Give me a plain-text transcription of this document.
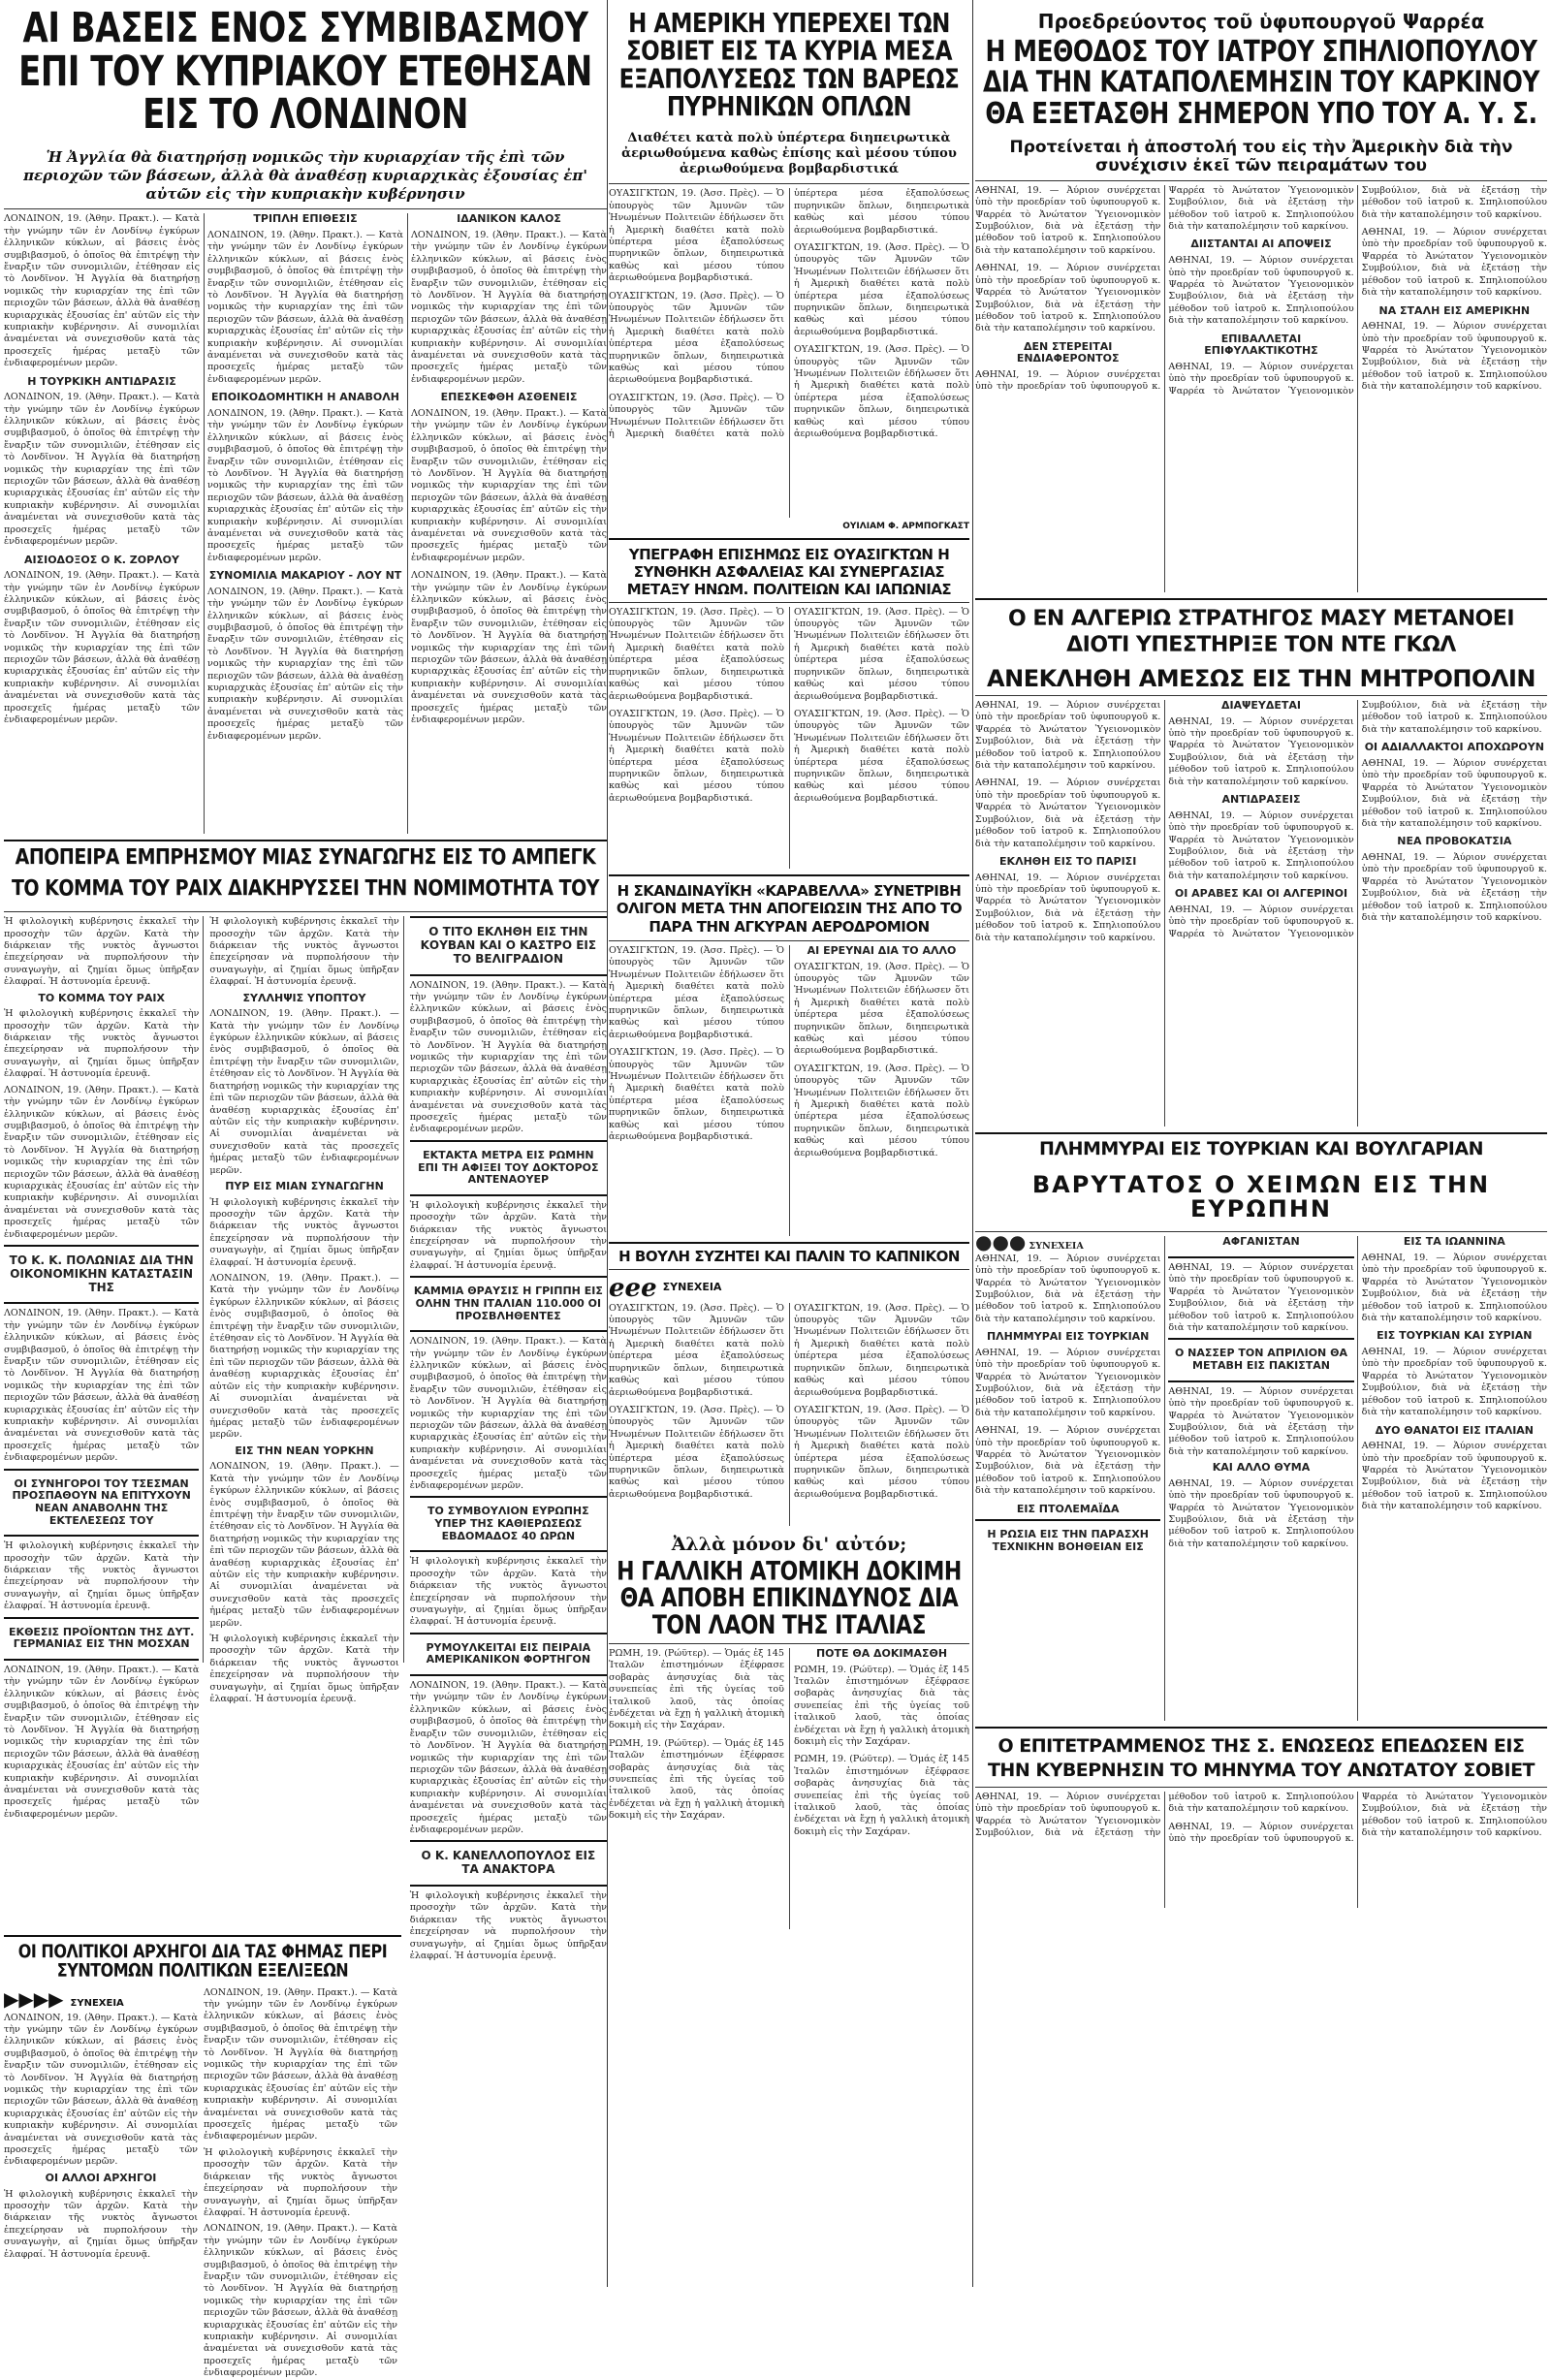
ΑΙ ΒΑΣΕΙΣ ΕΝΟΣ ΣΥΜΒΙΒΑΣΜΟΥ ΕΠΙ ΤΟΥ ΚΥΠΡΙΑΚΟΥ ΕΤΕΘΗΣΑΝ ΕΙΣ ΤΟ ΛΟΝΔΙΝΟΝ
Ἡ Ἀγγλία θὰ διατηρήσῃ νομικῶς τὴν κυριαρχίαν τῆς ἐπὶ τῶν περιοχῶν τῶν βάσεων, ἀλλὰ θὰ ἀναθέσῃ κυριαρχικὰς ἐξουσίας ἐπ' αὐτῶν εἰς τὴν κυπριακὴν κυβέρνησιν

ΛΟΝΔΙΝΟΝ, 19. (Ἀθην. Πρακτ.). — Κατὰ τὴν γνώμην τῶν ἐν Λονδίνῳ ἐγκύρων ἑλληνικῶν κύκλων, αἱ βάσεις ἑνὸς συμβιβασμοῦ, ὁ ὁποῖος θὰ ἐπιτρέψῃ τὴν ἔναρξιν τῶν συνομιλιῶν, ἐτέθησαν εἰς τὸ Λονδῖνον. Ἡ Ἀγγλία θὰ διατηρήσῃ νομικῶς τὴν κυριαρχίαν της ἐπὶ τῶν περιοχῶν τῶν βάσεων, ἀλλὰ θὰ ἀναθέσῃ κυριαρχικὰς ἐξουσίας ἐπ' αὐτῶν εἰς τὴν κυπριακὴν κυβέρνησιν. Αἱ συνομιλίαι ἀναμένεται νὰ συνεχισθοῦν κατὰ τὰς προσεχεῖς ἡμέρας μεταξὺ τῶν ἐνδιαφερομένων μερῶν.

Η ΤΟΥΡΚΙΚΗ ΑΝΤΙΔΡΑΣΙΣ

ΛΟΝΔΙΝΟΝ, 19. (Ἀθην. Πρακτ.). — Κατὰ τὴν γνώμην τῶν ἐν Λονδίνῳ ἐγκύρων ἑλληνικῶν κύκλων, αἱ βάσεις ἑνὸς συμβιβασμοῦ, ὁ ὁποῖος θὰ ἐπιτρέψῃ τὴν ἔναρξιν τῶν συνομιλιῶν, ἐτέθησαν εἰς τὸ Λονδῖνον. Ἡ Ἀγγλία θὰ διατηρήσῃ νομικῶς τὴν κυριαρχίαν της ἐπὶ τῶν περιοχῶν τῶν βάσεων, ἀλλὰ θὰ ἀναθέσῃ κυριαρχικὰς ἐξουσίας ἐπ' αὐτῶν εἰς τὴν κυπριακὴν κυβέρνησιν. Αἱ συνομιλίαι ἀναμένεται νὰ συνεχισθοῦν κατὰ τὰς προσεχεῖς ἡμέρας μεταξὺ τῶν ἐνδιαφερομένων μερῶν.

ΑΙΣΙΟΔΟΞΟΣ Ο Κ. ΖΟΡΛΟΥ

ΛΟΝΔΙΝΟΝ, 19. (Ἀθην. Πρακτ.). — Κατὰ τὴν γνώμην τῶν ἐν Λονδίνῳ ἐγκύρων ἑλληνικῶν κύκλων, αἱ βάσεις ἑνὸς συμβιβασμοῦ, ὁ ὁποῖος θὰ ἐπιτρέψῃ τὴν ἔναρξιν τῶν συνομιλιῶν, ἐτέθησαν εἰς τὸ Λονδῖνον. Ἡ Ἀγγλία θὰ διατηρήσῃ νομικῶς τὴν κυριαρχίαν της ἐπὶ τῶν περιοχῶν τῶν βάσεων, ἀλλὰ θὰ ἀναθέσῃ κυριαρχικὰς ἐξουσίας ἐπ' αὐτῶν εἰς τὴν κυπριακὴν κυβέρνησιν. Αἱ συνομιλίαι ἀναμένεται νὰ συνεχισθοῦν κατὰ τὰς προσεχεῖς ἡμέρας μεταξὺ τῶν ἐνδιαφερομένων μερῶν.

ΤΡΙΠΛΗ ΕΠΙΘΕΣΙΣ

ΛΟΝΔΙΝΟΝ, 19. (Ἀθην. Πρακτ.). — Κατὰ τὴν γνώμην τῶν ἐν Λονδίνῳ ἐγκύρων ἑλληνικῶν κύκλων, αἱ βάσεις ἑνὸς συμβιβασμοῦ, ὁ ὁποῖος θὰ ἐπιτρέψῃ τὴν ἔναρξιν τῶν συνομιλιῶν, ἐτέθησαν εἰς τὸ Λονδῖνον. Ἡ Ἀγγλία θὰ διατηρήσῃ νομικῶς τὴν κυριαρχίαν της ἐπὶ τῶν περιοχῶν τῶν βάσεων, ἀλλὰ θὰ ἀναθέσῃ κυριαρχικὰς ἐξουσίας ἐπ' αὐτῶν εἰς τὴν κυπριακὴν κυβέρνησιν. Αἱ συνομιλίαι ἀναμένεται νὰ συνεχισθοῦν κατὰ τὰς προσεχεῖς ἡμέρας μεταξὺ τῶν ἐνδιαφερομένων μερῶν.

ΕΠΟΙΚΟΔΟΜΗΤΙΚΗ Η ΑΝΑΒΟΛΗ

ΛΟΝΔΙΝΟΝ, 19. (Ἀθην. Πρακτ.). — Κατὰ τὴν γνώμην τῶν ἐν Λονδίνῳ ἐγκύρων ἑλληνικῶν κύκλων, αἱ βάσεις ἑνὸς συμβιβασμοῦ, ὁ ὁποῖος θὰ ἐπιτρέψῃ τὴν ἔναρξιν τῶν συνομιλιῶν, ἐτέθησαν εἰς τὸ Λονδῖνον. Ἡ Ἀγγλία θὰ διατηρήσῃ νομικῶς τὴν κυριαρχίαν της ἐπὶ τῶν περιοχῶν τῶν βάσεων, ἀλλὰ θὰ ἀναθέσῃ κυριαρχικὰς ἐξουσίας ἐπ' αὐτῶν εἰς τὴν κυπριακὴν κυβέρνησιν. Αἱ συνομιλίαι ἀναμένεται νὰ συνεχισθοῦν κατὰ τὰς προσεχεῖς ἡμέρας μεταξὺ τῶν ἐνδιαφερομένων μερῶν.

ΣΥΝΟΜΙΛΙΑ ΜΑΚΑΡΙΟΥ - ΛΟΥ ΝΤ

ΛΟΝΔΙΝΟΝ, 19. (Ἀθην. Πρακτ.). — Κατὰ τὴν γνώμην τῶν ἐν Λονδίνῳ ἐγκύρων ἑλληνικῶν κύκλων, αἱ βάσεις ἑνὸς συμβιβασμοῦ, ὁ ὁποῖος θὰ ἐπιτρέψῃ τὴν ἔναρξιν τῶν συνομιλιῶν, ἐτέθησαν εἰς τὸ Λονδῖνον. Ἡ Ἀγγλία θὰ διατηρήσῃ νομικῶς τὴν κυριαρχίαν της ἐπὶ τῶν περιοχῶν τῶν βάσεων, ἀλλὰ θὰ ἀναθέσῃ κυριαρχικὰς ἐξουσίας ἐπ' αὐτῶν εἰς τὴν κυπριακὴν κυβέρνησιν. Αἱ συνομιλίαι ἀναμένεται νὰ συνεχισθοῦν κατὰ τὰς προσεχεῖς ἡμέρας μεταξὺ τῶν ἐνδιαφερομένων μερῶν.

ΙΔΑΝΙΚΟΝ ΚΑΛΟΣ

ΛΟΝΔΙΝΟΝ, 19. (Ἀθην. Πρακτ.). — Κατὰ τὴν γνώμην τῶν ἐν Λονδίνῳ ἐγκύρων ἑλληνικῶν κύκλων, αἱ βάσεις ἑνὸς συμβιβασμοῦ, ὁ ὁποῖος θὰ ἐπιτρέψῃ τὴν ἔναρξιν τῶν συνομιλιῶν, ἐτέθησαν εἰς τὸ Λονδῖνον. Ἡ Ἀγγλία θὰ διατηρήσῃ νομικῶς τὴν κυριαρχίαν της ἐπὶ τῶν περιοχῶν τῶν βάσεων, ἀλλὰ θὰ ἀναθέσῃ κυριαρχικὰς ἐξουσίας ἐπ' αὐτῶν εἰς τὴν κυπριακὴν κυβέρνησιν. Αἱ συνομιλίαι ἀναμένεται νὰ συνεχισθοῦν κατὰ τὰς προσεχεῖς ἡμέρας μεταξὺ τῶν ἐνδιαφερομένων μερῶν.

ΕΠΕΣΚΕΦΘΗ ΑΣΘΕΝΕΙΣ

ΛΟΝΔΙΝΟΝ, 19. (Ἀθην. Πρακτ.). — Κατὰ τὴν γνώμην τῶν ἐν Λονδίνῳ ἐγκύρων ἑλληνικῶν κύκλων, αἱ βάσεις ἑνὸς συμβιβασμοῦ, ὁ ὁποῖος θὰ ἐπιτρέψῃ τὴν ἔναρξιν τῶν συνομιλιῶν, ἐτέθησαν εἰς τὸ Λονδῖνον. Ἡ Ἀγγλία θὰ διατηρήσῃ νομικῶς τὴν κυριαρχίαν της ἐπὶ τῶν περιοχῶν τῶν βάσεων, ἀλλὰ θὰ ἀναθέσῃ κυριαρχικὰς ἐξουσίας ἐπ' αὐτῶν εἰς τὴν κυπριακὴν κυβέρνησιν. Αἱ συνομιλίαι ἀναμένεται νὰ συνεχισθοῦν κατὰ τὰς προσεχεῖς ἡμέρας μεταξὺ τῶν ἐνδιαφερομένων μερῶν.

ΛΟΝΔΙΝΟΝ, 19. (Ἀθην. Πρακτ.). — Κατὰ τὴν γνώμην τῶν ἐν Λονδίνῳ ἐγκύρων ἑλληνικῶν κύκλων, αἱ βάσεις ἑνὸς συμβιβασμοῦ, ὁ ὁποῖος θὰ ἐπιτρέψῃ τὴν ἔναρξιν τῶν συνομιλιῶν, ἐτέθησαν εἰς τὸ Λονδῖνον. Ἡ Ἀγγλία θὰ διατηρήσῃ νομικῶς τὴν κυριαρχίαν της ἐπὶ τῶν περιοχῶν τῶν βάσεων, ἀλλὰ θὰ ἀναθέσῃ κυριαρχικὰς ἐξουσίας ἐπ' αὐτῶν εἰς τὴν κυπριακὴν κυβέρνησιν. Αἱ συνομιλίαι ἀναμένεται νὰ συνεχισθοῦν κατὰ τὰς προσεχεῖς ἡμέρας μεταξὺ τῶν ἐνδιαφερομένων μερῶν.

ΑΠΟΠΕΙΡΑ ΕΜΠΡΗΣΜΟΥ ΜΙΑΣ ΣΥΝΑΓΩΓΗΣ ΕΙΣ ΤΟ ΑΜΠΕΓΚ
ΤΟ ΚΟΜΜΑ ΤΟΥ ΡΑΙΧ ΔΙΑΚΗΡΥΣΣΕΙ ΤΗΝ ΝΟΜΙΜΟΤΗΤΑ ΤΟΥ

Ἡ φιλολογικὴ κυβέρνησις ἐκκαλεῖ τὴν προσοχὴν τῶν ἀρχῶν. Κατὰ τὴν διάρκειαν τῆς νυκτὸς ἄγνωστοι ἐπεχείρησαν νὰ πυρπολήσουν τὴν συναγωγὴν, αἱ ζημίαι ὅμως ὑπῆρξαν ἐλαφραί. Ἡ ἀστυνομία ἐρευνᾷ.

ΤΟ ΚΟΜΜΑ ΤΟΥ ΡΑΙΧ

Ἡ φιλολογικὴ κυβέρνησις ἐκκαλεῖ τὴν προσοχὴν τῶν ἀρχῶν. Κατὰ τὴν διάρκειαν τῆς νυκτὸς ἄγνωστοι ἐπεχείρησαν νὰ πυρπολήσουν τὴν συναγωγὴν, αἱ ζημίαι ὅμως ὑπῆρξαν ἐλαφραί. Ἡ ἀστυνομία ἐρευνᾷ.

ΛΟΝΔΙΝΟΝ, 19. (Ἀθην. Πρακτ.). — Κατὰ τὴν γνώμην τῶν ἐν Λονδίνῳ ἐγκύρων ἑλληνικῶν κύκλων, αἱ βάσεις ἑνὸς συμβιβασμοῦ, ὁ ὁποῖος θὰ ἐπιτρέψῃ τὴν ἔναρξιν τῶν συνομιλιῶν, ἐτέθησαν εἰς τὸ Λονδῖνον. Ἡ Ἀγγλία θὰ διατηρήσῃ νομικῶς τὴν κυριαρχίαν της ἐπὶ τῶν περιοχῶν τῶν βάσεων, ἀλλὰ θὰ ἀναθέσῃ κυριαρχικὰς ἐξουσίας ἐπ' αὐτῶν εἰς τὴν κυπριακὴν κυβέρνησιν. Αἱ συνομιλίαι ἀναμένεται νὰ συνεχισθοῦν κατὰ τὰς προσεχεῖς ἡμέρας μεταξὺ τῶν ἐνδιαφερομένων μερῶν.

ΤΟ Κ. Κ. ΠΟΛΩΝΙΑΣ ΔΙΑ ΤΗΝ ΟΙΚΟΝΟΜΙΚΗΝ ΚΑΤΑΣΤΑΣΙΝ ΤΗΣ

ΛΟΝΔΙΝΟΝ, 19. (Ἀθην. Πρακτ.). — Κατὰ τὴν γνώμην τῶν ἐν Λονδίνῳ ἐγκύρων ἑλληνικῶν κύκλων, αἱ βάσεις ἑνὸς συμβιβασμοῦ, ὁ ὁποῖος θὰ ἐπιτρέψῃ τὴν ἔναρξιν τῶν συνομιλιῶν, ἐτέθησαν εἰς τὸ Λονδῖνον. Ἡ Ἀγγλία θὰ διατηρήσῃ νομικῶς τὴν κυριαρχίαν της ἐπὶ τῶν περιοχῶν τῶν βάσεων, ἀλλὰ θὰ ἀναθέσῃ κυριαρχικὰς ἐξουσίας ἐπ' αὐτῶν εἰς τὴν κυπριακὴν κυβέρνησιν. Αἱ συνομιλίαι ἀναμένεται νὰ συνεχισθοῦν κατὰ τὰς προσεχεῖς ἡμέρας μεταξὺ τῶν ἐνδιαφερομένων μερῶν.

ΟΙ ΣΥΝΗΓΟΡΟΙ ΤΟΥ ΤΣΕΣΜΑΝ ΠΡΟΣΠΑΘΟΥΝ ΝΑ ΕΠΙΤΥΧΟΥΝ ΝΕΑΝ ΑΝΑΒΟΛΗΝ ΤΗΣ ΕΚΤΕΛΕΣΕΩΣ ΤΟΥ

Ἡ φιλολογικὴ κυβέρνησις ἐκκαλεῖ τὴν προσοχὴν τῶν ἀρχῶν. Κατὰ τὴν διάρκειαν τῆς νυκτὸς ἄγνωστοι ἐπεχείρησαν νὰ πυρπολήσουν τὴν συναγωγὴν, αἱ ζημίαι ὅμως ὑπῆρξαν ἐλαφραί. Ἡ ἀστυνομία ἐρευνᾷ.

ΕΚΘΕΣΙΣ ΠΡΟΪΟΝΤΩΝ ΤΗΣ ΔΥΤ. ΓΕΡΜΑΝΙΑΣ ΕΙΣ ΤΗΝ ΜΟΣΧΑΝ

ΛΟΝΔΙΝΟΝ, 19. (Ἀθην. Πρακτ.). — Κατὰ τὴν γνώμην τῶν ἐν Λονδίνῳ ἐγκύρων ἑλληνικῶν κύκλων, αἱ βάσεις ἑνὸς συμβιβασμοῦ, ὁ ὁποῖος θὰ ἐπιτρέψῃ τὴν ἔναρξιν τῶν συνομιλιῶν, ἐτέθησαν εἰς τὸ Λονδῖνον. Ἡ Ἀγγλία θὰ διατηρήσῃ νομικῶς τὴν κυριαρχίαν της ἐπὶ τῶν περιοχῶν τῶν βάσεων, ἀλλὰ θὰ ἀναθέσῃ κυριαρχικὰς ἐξουσίας ἐπ' αὐτῶν εἰς τὴν κυπριακὴν κυβέρνησιν. Αἱ συνομιλίαι ἀναμένεται νὰ συνεχισθοῦν κατὰ τὰς προσεχεῖς ἡμέρας μεταξὺ τῶν ἐνδιαφερομένων μερῶν.

Ἡ φιλολογικὴ κυβέρνησις ἐκκαλεῖ τὴν προσοχὴν τῶν ἀρχῶν. Κατὰ τὴν διάρκειαν τῆς νυκτὸς ἄγνωστοι ἐπεχείρησαν νὰ πυρπολήσουν τὴν συναγωγὴν, αἱ ζημίαι ὅμως ὑπῆρξαν ἐλαφραί. Ἡ ἀστυνομία ἐρευνᾷ.

ΣΥΛΛΗΨΙΣ ΥΠΟΠΤΟΥ

ΛΟΝΔΙΝΟΝ, 19. (Ἀθην. Πρακτ.). — Κατὰ τὴν γνώμην τῶν ἐν Λονδίνῳ ἐγκύρων ἑλληνικῶν κύκλων, αἱ βάσεις ἑνὸς συμβιβασμοῦ, ὁ ὁποῖος θὰ ἐπιτρέψῃ τὴν ἔναρξιν τῶν συνομιλιῶν, ἐτέθησαν εἰς τὸ Λονδῖνον. Ἡ Ἀγγλία θὰ διατηρήσῃ νομικῶς τὴν κυριαρχίαν της ἐπὶ τῶν περιοχῶν τῶν βάσεων, ἀλλὰ θὰ ἀναθέσῃ κυριαρχικὰς ἐξουσίας ἐπ' αὐτῶν εἰς τὴν κυπριακὴν κυβέρνησιν. Αἱ συνομιλίαι ἀναμένεται νὰ συνεχισθοῦν κατὰ τὰς προσεχεῖς ἡμέρας μεταξὺ τῶν ἐνδιαφερομένων μερῶν.

ΠΥΡ ΕΙΣ ΜΙΑΝ ΣΥΝΑΓΩΓΗΝ

Ἡ φιλολογικὴ κυβέρνησις ἐκκαλεῖ τὴν προσοχὴν τῶν ἀρχῶν. Κατὰ τὴν διάρκειαν τῆς νυκτὸς ἄγνωστοι ἐπεχείρησαν νὰ πυρπολήσουν τὴν συναγωγὴν, αἱ ζημίαι ὅμως ὑπῆρξαν ἐλαφραί. Ἡ ἀστυνομία ἐρευνᾷ.

ΛΟΝΔΙΝΟΝ, 19. (Ἀθην. Πρακτ.). — Κατὰ τὴν γνώμην τῶν ἐν Λονδίνῳ ἐγκύρων ἑλληνικῶν κύκλων, αἱ βάσεις ἑνὸς συμβιβασμοῦ, ὁ ὁποῖος θὰ ἐπιτρέψῃ τὴν ἔναρξιν τῶν συνομιλιῶν, ἐτέθησαν εἰς τὸ Λονδῖνον. Ἡ Ἀγγλία θὰ διατηρήσῃ νομικῶς τὴν κυριαρχίαν της ἐπὶ τῶν περιοχῶν τῶν βάσεων, ἀλλὰ θὰ ἀναθέσῃ κυριαρχικὰς ἐξουσίας ἐπ' αὐτῶν εἰς τὴν κυπριακὴν κυβέρνησιν. Αἱ συνομιλίαι ἀναμένεται νὰ συνεχισθοῦν κατὰ τὰς προσεχεῖς ἡμέρας μεταξὺ τῶν ἐνδιαφερομένων μερῶν.

ΕΙΣ ΤΗΝ ΝΕΑΝ ΥΟΡΚΗΝ

ΛΟΝΔΙΝΟΝ, 19. (Ἀθην. Πρακτ.). — Κατὰ τὴν γνώμην τῶν ἐν Λονδίνῳ ἐγκύρων ἑλληνικῶν κύκλων, αἱ βάσεις ἑνὸς συμβιβασμοῦ, ὁ ὁποῖος θὰ ἐπιτρέψῃ τὴν ἔναρξιν τῶν συνομιλιῶν, ἐτέθησαν εἰς τὸ Λονδῖνον. Ἡ Ἀγγλία θὰ διατηρήσῃ νομικῶς τὴν κυριαρχίαν της ἐπὶ τῶν περιοχῶν τῶν βάσεων, ἀλλὰ θὰ ἀναθέσῃ κυριαρχικὰς ἐξουσίας ἐπ' αὐτῶν εἰς τὴν κυπριακὴν κυβέρνησιν. Αἱ συνομιλίαι ἀναμένεται νὰ συνεχισθοῦν κατὰ τὰς προσεχεῖς ἡμέρας μεταξὺ τῶν ἐνδιαφερομένων μερῶν.

Ἡ φιλολογικὴ κυβέρνησις ἐκκαλεῖ τὴν προσοχὴν τῶν ἀρχῶν. Κατὰ τὴν διάρκειαν τῆς νυκτὸς ἄγνωστοι ἐπεχείρησαν νὰ πυρπολήσουν τὴν συναγωγὴν, αἱ ζημίαι ὅμως ὑπῆρξαν ἐλαφραί. Ἡ ἀστυνομία ἐρευνᾷ.

Ο ΤΙΤΟ ΕΚΛΗΘΗ ΕΙΣ ΤΗΝ ΚΟΥΒΑΝ ΚΑΙ Ο ΚΑΣΤΡΟ ΕΙΣ ΤΟ ΒΕΛΙΓΡΑΔΙΟΝ

ΛΟΝΔΙΝΟΝ, 19. (Ἀθην. Πρακτ.). — Κατὰ τὴν γνώμην τῶν ἐν Λονδίνῳ ἐγκύρων ἑλληνικῶν κύκλων, αἱ βάσεις ἑνὸς συμβιβασμοῦ, ὁ ὁποῖος θὰ ἐπιτρέψῃ τὴν ἔναρξιν τῶν συνομιλιῶν, ἐτέθησαν εἰς τὸ Λονδῖνον. Ἡ Ἀγγλία θὰ διατηρήσῃ νομικῶς τὴν κυριαρχίαν της ἐπὶ τῶν περιοχῶν τῶν βάσεων, ἀλλὰ θὰ ἀναθέσῃ κυριαρχικὰς ἐξουσίας ἐπ' αὐτῶν εἰς τὴν κυπριακὴν κυβέρνησιν. Αἱ συνομιλίαι ἀναμένεται νὰ συνεχισθοῦν κατὰ τὰς προσεχεῖς ἡμέρας μεταξὺ τῶν ἐνδιαφερομένων μερῶν.

ΕΚΤΑΚΤΑ ΜΕΤΡΑ ΕΙΣ ΡΩΜΗΝ ΕΠΙ ΤΗ ΑΦΙΞΕΙ ΤΟΥ ΔΟΚΤΟΡΟΣ ΑΝΤΕΝΑΟΥΕΡ

Ἡ φιλολογικὴ κυβέρνησις ἐκκαλεῖ τὴν προσοχὴν τῶν ἀρχῶν. Κατὰ τὴν διάρκειαν τῆς νυκτὸς ἄγνωστοι ἐπεχείρησαν νὰ πυρπολήσουν τὴν συναγωγὴν, αἱ ζημίαι ὅμως ὑπῆρξαν ἐλαφραί. Ἡ ἀστυνομία ἐρευνᾷ.

ΚΑΜΜΙΑ ΘΡΑΥΣΙΣ Η ΓΡΙΠΠΗ ΕΙΣ ΟΛΗΝ ΤΗΝ ΙΤΑΛΙΑΝ 110.000 ΟΙ ΠΡΟΣΒΛΗΘΕΝΤΕΣ

ΛΟΝΔΙΝΟΝ, 19. (Ἀθην. Πρακτ.). — Κατὰ τὴν γνώμην τῶν ἐν Λονδίνῳ ἐγκύρων ἑλληνικῶν κύκλων, αἱ βάσεις ἑνὸς συμβιβασμοῦ, ὁ ὁποῖος θὰ ἐπιτρέψῃ τὴν ἔναρξιν τῶν συνομιλιῶν, ἐτέθησαν εἰς τὸ Λονδῖνον. Ἡ Ἀγγλία θὰ διατηρήσῃ νομικῶς τὴν κυριαρχίαν της ἐπὶ τῶν περιοχῶν τῶν βάσεων, ἀλλὰ θὰ ἀναθέσῃ κυριαρχικὰς ἐξουσίας ἐπ' αὐτῶν εἰς τὴν κυπριακὴν κυβέρνησιν. Αἱ συνομιλίαι ἀναμένεται νὰ συνεχισθοῦν κατὰ τὰς προσεχεῖς ἡμέρας μεταξὺ τῶν ἐνδιαφερομένων μερῶν.

ΤΟ ΣΥΜΒΟΥΛΙΟΝ ΕΥΡΩΠΗΣ ΥΠΕΡ ΤΗΣ ΚΑΘΙΕΡΩΣΕΩΣ ΕΒΔΟΜΑΔΟΣ 40 ΩΡΩΝ

Ἡ φιλολογικὴ κυβέρνησις ἐκκαλεῖ τὴν προσοχὴν τῶν ἀρχῶν. Κατὰ τὴν διάρκειαν τῆς νυκτὸς ἄγνωστοι ἐπεχείρησαν νὰ πυρπολήσουν τὴν συναγωγὴν, αἱ ζημίαι ὅμως ὑπῆρξαν ἐλαφραί. Ἡ ἀστυνομία ἐρευνᾷ.

ΡΥΜΟΥΛΚΕΙΤΑΙ ΕΙΣ ΠΕΙΡΑΙΑ ΑΜΕΡΙΚΑΝΙΚΟΝ ΦΟΡΤΗΓΟΝ

ΛΟΝΔΙΝΟΝ, 19. (Ἀθην. Πρακτ.). — Κατὰ τὴν γνώμην τῶν ἐν Λονδίνῳ ἐγκύρων ἑλληνικῶν κύκλων, αἱ βάσεις ἑνὸς συμβιβασμοῦ, ὁ ὁποῖος θὰ ἐπιτρέψῃ τὴν ἔναρξιν τῶν συνομιλιῶν, ἐτέθησαν εἰς τὸ Λονδῖνον. Ἡ Ἀγγλία θὰ διατηρήσῃ νομικῶς τὴν κυριαρχίαν της ἐπὶ τῶν περιοχῶν τῶν βάσεων, ἀλλὰ θὰ ἀναθέσῃ κυριαρχικὰς ἐξουσίας ἐπ' αὐτῶν εἰς τὴν κυπριακὴν κυβέρνησιν. Αἱ συνομιλίαι ἀναμένεται νὰ συνεχισθοῦν κατὰ τὰς προσεχεῖς ἡμέρας μεταξὺ τῶν ἐνδιαφερομένων μερῶν.

Ο Κ. ΚΑΝΕΛΛΟΠΟΥΛΟΣ ΕΙΣ ΤΑ ΑΝΑΚΤΟΡΑ

Ἡ φιλολογικὴ κυβέρνησις ἐκκαλεῖ τὴν προσοχὴν τῶν ἀρχῶν. Κατὰ τὴν διάρκειαν τῆς νυκτὸς ἄγνωστοι ἐπεχείρησαν νὰ πυρπολήσουν τὴν συναγωγὴν, αἱ ζημίαι ὅμως ὑπῆρξαν ἐλαφραί. Ἡ ἀστυνομία ἐρευνᾷ.

ΟΙ ΠΟΛΙΤΙΚΟΙ ΑΡΧΗΓΟΙ ΔΙΑ ΤΑΣ ΦΗΜΑΣ ΠΕΡΙ ΣΥΝΤΟΜΩΝ ΠΟΛΙΤΙΚΩΝ ΕΞΕΛΙΞΕΩΝ
▶▶▶▶ ΣΥΝΕΧΕΙΑ

ΛΟΝΔΙΝΟΝ, 19. (Ἀθην. Πρακτ.). — Κατὰ τὴν γνώμην τῶν ἐν Λονδίνῳ ἐγκύρων ἑλληνικῶν κύκλων, αἱ βάσεις ἑνὸς συμβιβασμοῦ, ὁ ὁποῖος θὰ ἐπιτρέψῃ τὴν ἔναρξιν τῶν συνομιλιῶν, ἐτέθησαν εἰς τὸ Λονδῖνον. Ἡ Ἀγγλία θὰ διατηρήσῃ νομικῶς τὴν κυριαρχίαν της ἐπὶ τῶν περιοχῶν τῶν βάσεων, ἀλλὰ θὰ ἀναθέσῃ κυριαρχικὰς ἐξουσίας ἐπ' αὐτῶν εἰς τὴν κυπριακὴν κυβέρνησιν. Αἱ συνομιλίαι ἀναμένεται νὰ συνεχισθοῦν κατὰ τὰς προσεχεῖς ἡμέρας μεταξὺ τῶν ἐνδιαφερομένων μερῶν.

ΟΙ ΑΛΛΟΙ ΑΡΧΗΓΟΙ

Ἡ φιλολογικὴ κυβέρνησις ἐκκαλεῖ τὴν προσοχὴν τῶν ἀρχῶν. Κατὰ τὴν διάρκειαν τῆς νυκτὸς ἄγνωστοι ἐπεχείρησαν νὰ πυρπολήσουν τὴν συναγωγὴν, αἱ ζημίαι ὅμως ὑπῆρξαν ἐλαφραί. Ἡ ἀστυνομία ἐρευνᾷ.

ΛΟΝΔΙΝΟΝ, 19. (Ἀθην. Πρακτ.). — Κατὰ τὴν γνώμην τῶν ἐν Λονδίνῳ ἐγκύρων ἑλληνικῶν κύκλων, αἱ βάσεις ἑνὸς συμβιβασμοῦ, ὁ ὁποῖος θὰ ἐπιτρέψῃ τὴν ἔναρξιν τῶν συνομιλιῶν, ἐτέθησαν εἰς τὸ Λονδῖνον. Ἡ Ἀγγλία θὰ διατηρήσῃ νομικῶς τὴν κυριαρχίαν της ἐπὶ τῶν περιοχῶν τῶν βάσεων, ἀλλὰ θὰ ἀναθέσῃ κυριαρχικὰς ἐξουσίας ἐπ' αὐτῶν εἰς τὴν κυπριακὴν κυβέρνησιν. Αἱ συνομιλίαι ἀναμένεται νὰ συνεχισθοῦν κατὰ τὰς προσεχεῖς ἡμέρας μεταξὺ τῶν ἐνδιαφερομένων μερῶν.

Ἡ φιλολογικὴ κυβέρνησις ἐκκαλεῖ τὴν προσοχὴν τῶν ἀρχῶν. Κατὰ τὴν διάρκειαν τῆς νυκτὸς ἄγνωστοι ἐπεχείρησαν νὰ πυρπολήσουν τὴν συναγωγὴν, αἱ ζημίαι ὅμως ὑπῆρξαν ἐλαφραί. Ἡ ἀστυνομία ἐρευνᾷ.

ΛΟΝΔΙΝΟΝ, 19. (Ἀθην. Πρακτ.). — Κατὰ τὴν γνώμην τῶν ἐν Λονδίνῳ ἐγκύρων ἑλληνικῶν κύκλων, αἱ βάσεις ἑνὸς συμβιβασμοῦ, ὁ ὁποῖος θὰ ἐπιτρέψῃ τὴν ἔναρξιν τῶν συνομιλιῶν, ἐτέθησαν εἰς τὸ Λονδῖνον. Ἡ Ἀγγλία θὰ διατηρήσῃ νομικῶς τὴν κυριαρχίαν της ἐπὶ τῶν περιοχῶν τῶν βάσεων, ἀλλὰ θὰ ἀναθέσῃ κυριαρχικὰς ἐξουσίας ἐπ' αὐτῶν εἰς τὴν κυπριακὴν κυβέρνησιν. Αἱ συνομιλίαι ἀναμένεται νὰ συνεχισθοῦν κατὰ τὰς προσεχεῖς ἡμέρας μεταξὺ τῶν ἐνδιαφερομένων μερῶν.

Η ΑΜΕΡΙΚΗ ΥΠΕΡΕΧΕΙ ΤΩΝ ΣΟΒΙΕΤ ΕΙΣ ΤΑ ΚΥΡΙΑ ΜΕΣΑ ΕΞΑΠΟΛΥΣΕΩΣ ΤΩΝ ΒΑΡΕΩΣ ΠΥΡΗΝΙΚΩΝ ΟΠΛΩΝ
Διαθέτει κατὰ πολὺ ὑπέρτερα διηπειρωτικὰ ἀεριωθούμενα καθὼς ἐπίσης καὶ μέσου τύπου ἀεριωθούμενα βομβαρδιστικά

ΟΥΑΣΙΓΚΤΩΝ, 19. (Ἀσσ. Πρὲς). — Ὁ ὑπουργὸς τῶν Ἀμυνῶν τῶν Ἡνωμένων Πολιτειῶν ἐδήλωσεν ὅτι ἡ Ἀμερικὴ διαθέτει κατὰ πολὺ ὑπέρτερα μέσα ἐξαπολύσεως πυρηνικῶν ὅπλων, διηπειρωτικὰ καθὼς καὶ μέσου τύπου ἀεριωθούμενα βομβαρδιστικά.

ΟΥΑΣΙΓΚΤΩΝ, 19. (Ἀσσ. Πρὲς). — Ὁ ὑπουργὸς τῶν Ἀμυνῶν τῶν Ἡνωμένων Πολιτειῶν ἐδήλωσεν ὅτι ἡ Ἀμερικὴ διαθέτει κατὰ πολὺ ὑπέρτερα μέσα ἐξαπολύσεως πυρηνικῶν ὅπλων, διηπειρωτικὰ καθὼς καὶ μέσου τύπου ἀεριωθούμενα βομβαρδιστικά.

ΟΥΑΣΙΓΚΤΩΝ, 19. (Ἀσσ. Πρὲς). — Ὁ ὑπουργὸς τῶν Ἀμυνῶν τῶν Ἡνωμένων Πολιτειῶν ἐδήλωσεν ὅτι ἡ Ἀμερικὴ διαθέτει κατὰ πολὺ ὑπέρτερα μέσα ἐξαπολύσεως πυρηνικῶν ὅπλων, διηπειρωτικὰ καθὼς καὶ μέσου τύπου ἀεριωθούμενα βομβαρδιστικά.

ΟΥΑΣΙΓΚΤΩΝ, 19. (Ἀσσ. Πρὲς). — Ὁ ὑπουργὸς τῶν Ἀμυνῶν τῶν Ἡνωμένων Πολιτειῶν ἐδήλωσεν ὅτι ἡ Ἀμερικὴ διαθέτει κατὰ πολὺ ὑπέρτερα μέσα ἐξαπολύσεως πυρηνικῶν ὅπλων, διηπειρωτικὰ καθὼς καὶ μέσου τύπου ἀεριωθούμενα βομβαρδιστικά.

ΟΥΑΣΙΓΚΤΩΝ, 19. (Ἀσσ. Πρὲς). — Ὁ ὑπουργὸς τῶν Ἀμυνῶν τῶν Ἡνωμένων Πολιτειῶν ἐδήλωσεν ὅτι ἡ Ἀμερικὴ διαθέτει κατὰ πολὺ ὑπέρτερα μέσα ἐξαπολύσεως πυρηνικῶν ὅπλων, διηπειρωτικὰ καθὼς καὶ μέσου τύπου ἀεριωθούμενα βομβαρδιστικά.

ΟΥΙΛΙΑΜ Φ. ΑΡΜΠΟΓΚΑΣΤ
ΥΠΕΓΡΑΦΗ ΕΠΙΣΗΜΩΣ ΕΙΣ ΟΥΑΣΙΓΚΤΩΝ Η ΣΥΝΘΗΚΗ ΑΣΦΑΛΕΙΑΣ ΚΑΙ ΣΥΝΕΡΓΑΣΙΑΣ ΜΕΤΑΞΥ ΗΝΩΜ. ΠΟΛΙΤΕΙΩΝ ΚΑΙ ΙΑΠΩΝΙΑΣ

ΟΥΑΣΙΓΚΤΩΝ, 19. (Ἀσσ. Πρὲς). — Ὁ ὑπουργὸς τῶν Ἀμυνῶν τῶν Ἡνωμένων Πολιτειῶν ἐδήλωσεν ὅτι ἡ Ἀμερικὴ διαθέτει κατὰ πολὺ ὑπέρτερα μέσα ἐξαπολύσεως πυρηνικῶν ὅπλων, διηπειρωτικὰ καθὼς καὶ μέσου τύπου ἀεριωθούμενα βομβαρδιστικά.

ΟΥΑΣΙΓΚΤΩΝ, 19. (Ἀσσ. Πρὲς). — Ὁ ὑπουργὸς τῶν Ἀμυνῶν τῶν Ἡνωμένων Πολιτειῶν ἐδήλωσεν ὅτι ἡ Ἀμερικὴ διαθέτει κατὰ πολὺ ὑπέρτερα μέσα ἐξαπολύσεως πυρηνικῶν ὅπλων, διηπειρωτικὰ καθὼς καὶ μέσου τύπου ἀεριωθούμενα βομβαρδιστικά.

ΟΥΑΣΙΓΚΤΩΝ, 19. (Ἀσσ. Πρὲς). — Ὁ ὑπουργὸς τῶν Ἀμυνῶν τῶν Ἡνωμένων Πολιτειῶν ἐδήλωσεν ὅτι ἡ Ἀμερικὴ διαθέτει κατὰ πολὺ ὑπέρτερα μέσα ἐξαπολύσεως πυρηνικῶν ὅπλων, διηπειρωτικὰ καθὼς καὶ μέσου τύπου ἀεριωθούμενα βομβαρδιστικά.

ΟΥΑΣΙΓΚΤΩΝ, 19. (Ἀσσ. Πρὲς). — Ὁ ὑπουργὸς τῶν Ἀμυνῶν τῶν Ἡνωμένων Πολιτειῶν ἐδήλωσεν ὅτι ἡ Ἀμερικὴ διαθέτει κατὰ πολὺ ὑπέρτερα μέσα ἐξαπολύσεως πυρηνικῶν ὅπλων, διηπειρωτικὰ καθὼς καὶ μέσου τύπου ἀεριωθούμενα βομβαρδιστικά.

Η ΣΚΑΝΔΙΝΑΥΪΚΗ «ΚΑΡΑΒΕΛΛΑ» ΣΥΝΕΤΡΙΒΗ ΟΛΙΓΟΝ ΜΕΤΑ ΤΗΝ ΑΠΟΓΕΙΩΣΙΝ ΤΗΣ ΑΠΟ ΤΟ ΠΑΡΑ ΤΗΝ ΑΓΚΥΡΑΝ ΑΕΡΟΔΡΟΜΙΟΝ

ΟΥΑΣΙΓΚΤΩΝ, 19. (Ἀσσ. Πρὲς). — Ὁ ὑπουργὸς τῶν Ἀμυνῶν τῶν Ἡνωμένων Πολιτειῶν ἐδήλωσεν ὅτι ἡ Ἀμερικὴ διαθέτει κατὰ πολὺ ὑπέρτερα μέσα ἐξαπολύσεως πυρηνικῶν ὅπλων, διηπειρωτικὰ καθὼς καὶ μέσου τύπου ἀεριωθούμενα βομβαρδιστικά.

ΟΥΑΣΙΓΚΤΩΝ, 19. (Ἀσσ. Πρὲς). — Ὁ ὑπουργὸς τῶν Ἀμυνῶν τῶν Ἡνωμένων Πολιτειῶν ἐδήλωσεν ὅτι ἡ Ἀμερικὴ διαθέτει κατὰ πολὺ ὑπέρτερα μέσα ἐξαπολύσεως πυρηνικῶν ὅπλων, διηπειρωτικὰ καθὼς καὶ μέσου τύπου ἀεριωθούμενα βομβαρδιστικά.

ΑΙ ΕΡΕΥΝΑΙ ΔΙΑ ΤΟ ΑΛΛΟ

ΟΥΑΣΙΓΚΤΩΝ, 19. (Ἀσσ. Πρὲς). — Ὁ ὑπουργὸς τῶν Ἀμυνῶν τῶν Ἡνωμένων Πολιτειῶν ἐδήλωσεν ὅτι ἡ Ἀμερικὴ διαθέτει κατὰ πολὺ ὑπέρτερα μέσα ἐξαπολύσεως πυρηνικῶν ὅπλων, διηπειρωτικὰ καθὼς καὶ μέσου τύπου ἀεριωθούμενα βομβαρδιστικά.

ΟΥΑΣΙΓΚΤΩΝ, 19. (Ἀσσ. Πρὲς). — Ὁ ὑπουργὸς τῶν Ἀμυνῶν τῶν Ἡνωμένων Πολιτειῶν ἐδήλωσεν ὅτι ἡ Ἀμερικὴ διαθέτει κατὰ πολὺ ὑπέρτερα μέσα ἐξαπολύσεως πυρηνικῶν ὅπλων, διηπειρωτικὰ καθὼς καὶ μέσου τύπου ἀεριωθούμενα βομβαρδιστικά.

Η ΒΟΥΛΗ ΣΥΖΗΤΕΙ ΚΑΙ ΠΑΛΙΝ ΤΟ ΚΑΠΝΙΚΟΝ
ℯℯℯ ΣΥΝΕΧΕΙΑ

ΟΥΑΣΙΓΚΤΩΝ, 19. (Ἀσσ. Πρὲς). — Ὁ ὑπουργὸς τῶν Ἀμυνῶν τῶν Ἡνωμένων Πολιτειῶν ἐδήλωσεν ὅτι ἡ Ἀμερικὴ διαθέτει κατὰ πολὺ ὑπέρτερα μέσα ἐξαπολύσεως πυρηνικῶν ὅπλων, διηπειρωτικὰ καθὼς καὶ μέσου τύπου ἀεριωθούμενα βομβαρδιστικά.

ΟΥΑΣΙΓΚΤΩΝ, 19. (Ἀσσ. Πρὲς). — Ὁ ὑπουργὸς τῶν Ἀμυνῶν τῶν Ἡνωμένων Πολιτειῶν ἐδήλωσεν ὅτι ἡ Ἀμερικὴ διαθέτει κατὰ πολὺ ὑπέρτερα μέσα ἐξαπολύσεως πυρηνικῶν ὅπλων, διηπειρωτικὰ καθὼς καὶ μέσου τύπου ἀεριωθούμενα βομβαρδιστικά.

ΟΥΑΣΙΓΚΤΩΝ, 19. (Ἀσσ. Πρὲς). — Ὁ ὑπουργὸς τῶν Ἀμυνῶν τῶν Ἡνωμένων Πολιτειῶν ἐδήλωσεν ὅτι ἡ Ἀμερικὴ διαθέτει κατὰ πολὺ ὑπέρτερα μέσα ἐξαπολύσεως πυρηνικῶν ὅπλων, διηπειρωτικὰ καθὼς καὶ μέσου τύπου ἀεριωθούμενα βομβαρδιστικά.

ΟΥΑΣΙΓΚΤΩΝ, 19. (Ἀσσ. Πρὲς). — Ὁ ὑπουργὸς τῶν Ἀμυνῶν τῶν Ἡνωμένων Πολιτειῶν ἐδήλωσεν ὅτι ἡ Ἀμερικὴ διαθέτει κατὰ πολὺ ὑπέρτερα μέσα ἐξαπολύσεως πυρηνικῶν ὅπλων, διηπειρωτικὰ καθὼς καὶ μέσου τύπου ἀεριωθούμενα βομβαρδιστικά.

Ἀλλὰ μόνον δι' αὐτόν;
Η ΓΑΛΛΙΚΗ ΑΤΟΜΙΚΗ ΔΟΚΙΜΗ ΘΑ ΑΠΟΒΗ ΕΠΙΚΙΝΔΥΝΟΣ ΔΙΑ ΤΟΝ ΛΑΟΝ ΤΗΣ ΙΤΑΛΙΑΣ

ΡΩΜΗ, 19. (Ρώϋτερ). — Ὁμάς ἐξ 145 Ἰταλῶν ἐπιστημόνων ἐξέφρασε σοβαρὰς ἀνησυχίας διὰ τὰς συνεπείας ἐπὶ τῆς ὑγείας τοῦ ἰταλικοῦ λαοῦ, τὰς ὁποίας ἐνδέχεται νὰ ἔχῃ ἡ γαλλικὴ ἀτομικὴ δοκιμὴ εἰς τὴν Σαχάραν.

ΡΩΜΗ, 19. (Ρώϋτερ). — Ὁμάς ἐξ 145 Ἰταλῶν ἐπιστημόνων ἐξέφρασε σοβαρὰς ἀνησυχίας διὰ τὰς συνεπείας ἐπὶ τῆς ὑγείας τοῦ ἰταλικοῦ λαοῦ, τὰς ὁποίας ἐνδέχεται νὰ ἔχῃ ἡ γαλλικὴ ἀτομικὴ δοκιμὴ εἰς τὴν Σαχάραν.

ΠΟΤΕ ΘΑ ΔΟΚΙΜΑΣΘΗ

ΡΩΜΗ, 19. (Ρώϋτερ). — Ὁμάς ἐξ 145 Ἰταλῶν ἐπιστημόνων ἐξέφρασε σοβαρὰς ἀνησυχίας διὰ τὰς συνεπείας ἐπὶ τῆς ὑγείας τοῦ ἰταλικοῦ λαοῦ, τὰς ὁποίας ἐνδέχεται νὰ ἔχῃ ἡ γαλλικὴ ἀτομικὴ δοκιμὴ εἰς τὴν Σαχάραν.

ΡΩΜΗ, 19. (Ρώϋτερ). — Ὁμάς ἐξ 145 Ἰταλῶν ἐπιστημόνων ἐξέφρασε σοβαρὰς ἀνησυχίας διὰ τὰς συνεπείας ἐπὶ τῆς ὑγείας τοῦ ἰταλικοῦ λαοῦ, τὰς ὁποίας ἐνδέχεται νὰ ἔχῃ ἡ γαλλικὴ ἀτομικὴ δοκιμὴ εἰς τὴν Σαχάραν.

Προεδρεύοντος τοῦ ὑφυπουργοῦ Ψαρρέα
Η ΜΕΘΟΔΟΣ ΤΟΥ ΙΑΤΡΟΥ ΣΠΗΛΙΟΠΟΥΛΟΥ ΔΙΑ ΤΗΝ ΚΑΤΑΠΟΛΕΜΗΣΙΝ ΤΟΥ ΚΑΡΚΙΝΟΥ ΘΑ ΕΞΕΤΑΣΘΗ ΣΗΜΕΡΟΝ ΥΠΟ ΤΟΥ Α. Υ. Σ.
Προτείνεται ἡ ἀποστολή του εἰς τὴν Ἀμερικὴν διὰ τὴν συνέχισιν ἐκεῖ τῶν πειραμάτων του

ΑΘΗΝΑΙ, 19. — Ἀύριον συνέρχεται ὑπὸ τὴν προεδρίαν τοῦ ὑφυπουργοῦ κ. Ψαρρέα τὸ Ἀνώτατον Ὑγειονομικὸν Συμβούλιον, διὰ νὰ ἐξετάσῃ τὴν μέθοδον τοῦ ἰατροῦ κ. Σπηλιοπούλου διὰ τὴν καταπολέμησιν τοῦ καρκίνου.

ΑΘΗΝΑΙ, 19. — Ἀύριον συνέρχεται ὑπὸ τὴν προεδρίαν τοῦ ὑφυπουργοῦ κ. Ψαρρέα τὸ Ἀνώτατον Ὑγειονομικὸν Συμβούλιον, διὰ νὰ ἐξετάσῃ τὴν μέθοδον τοῦ ἰατροῦ κ. Σπηλιοπούλου διὰ τὴν καταπολέμησιν τοῦ καρκίνου.

ΔΕΝ ΣΤΕΡΕΙΤΑΙ ΕΝΔΙΑΦΕΡΟΝΤΟΣ

ΑΘΗΝΑΙ, 19. — Ἀύριον συνέρχεται ὑπὸ τὴν προεδρίαν τοῦ ὑφυπουργοῦ κ. Ψαρρέα τὸ Ἀνώτατον Ὑγειονομικὸν Συμβούλιον, διὰ νὰ ἐξετάσῃ τὴν μέθοδον τοῦ ἰατροῦ κ. Σπηλιοπούλου διὰ τὴν καταπολέμησιν τοῦ καρκίνου.

ΔΙΙΣΤΑΝΤΑΙ ΑΙ ΑΠΟΨΕΙΣ

ΑΘΗΝΑΙ, 19. — Ἀύριον συνέρχεται ὑπὸ τὴν προεδρίαν τοῦ ὑφυπουργοῦ κ. Ψαρρέα τὸ Ἀνώτατον Ὑγειονομικὸν Συμβούλιον, διὰ νὰ ἐξετάσῃ τὴν μέθοδον τοῦ ἰατροῦ κ. Σπηλιοπούλου διὰ τὴν καταπολέμησιν τοῦ καρκίνου.

ΕΠΙΒΑΛΛΕΤΑΙ ΕΠΙΦΥΛΑΚΤΙΚΟΤΗΣ

ΑΘΗΝΑΙ, 19. — Ἀύριον συνέρχεται ὑπὸ τὴν προεδρίαν τοῦ ὑφυπουργοῦ κ. Ψαρρέα τὸ Ἀνώτατον Ὑγειονομικὸν Συμβούλιον, διὰ νὰ ἐξετάσῃ τὴν μέθοδον τοῦ ἰατροῦ κ. Σπηλιοπούλου διὰ τὴν καταπολέμησιν τοῦ καρκίνου.

ΑΘΗΝΑΙ, 19. — Ἀύριον συνέρχεται ὑπὸ τὴν προεδρίαν τοῦ ὑφυπουργοῦ κ. Ψαρρέα τὸ Ἀνώτατον Ὑγειονομικὸν Συμβούλιον, διὰ νὰ ἐξετάσῃ τὴν μέθοδον τοῦ ἰατροῦ κ. Σπηλιοπούλου διὰ τὴν καταπολέμησιν τοῦ καρκίνου.

ΝΑ ΣΤΑΛΗ ΕΙΣ ΑΜΕΡΙΚΗΝ

ΑΘΗΝΑΙ, 19. — Ἀύριον συνέρχεται ὑπὸ τὴν προεδρίαν τοῦ ὑφυπουργοῦ κ. Ψαρρέα τὸ Ἀνώτατον Ὑγειονομικὸν Συμβούλιον, διὰ νὰ ἐξετάσῃ τὴν μέθοδον τοῦ ἰατροῦ κ. Σπηλιοπούλου διὰ τὴν καταπολέμησιν τοῦ καρκίνου.

Ο ΕΝ ΑΛΓΕΡΙΩ ΣΤΡΑΤΗΓΟΣ ΜΑΣΥ ΜΕΤΑΝΟΕΙ ΔΙΟΤΙ ΥΠΕΣΤΗΡΙΞΕ ΤΟΝ ΝΤΕ ΓΚΩΛ
ΑΝΕΚΛΗΘΗ ΑΜΕΣΩΣ ΕΙΣ ΤΗΝ ΜΗΤΡΟΠΟΛΙΝ

ΑΘΗΝΑΙ, 19. — Ἀύριον συνέρχεται ὑπὸ τὴν προεδρίαν τοῦ ὑφυπουργοῦ κ. Ψαρρέα τὸ Ἀνώτατον Ὑγειονομικὸν Συμβούλιον, διὰ νὰ ἐξετάσῃ τὴν μέθοδον τοῦ ἰατροῦ κ. Σπηλιοπούλου διὰ τὴν καταπολέμησιν τοῦ καρκίνου.

ΑΘΗΝΑΙ, 19. — Ἀύριον συνέρχεται ὑπὸ τὴν προεδρίαν τοῦ ὑφυπουργοῦ κ. Ψαρρέα τὸ Ἀνώτατον Ὑγειονομικὸν Συμβούλιον, διὰ νὰ ἐξετάσῃ τὴν μέθοδον τοῦ ἰατροῦ κ. Σπηλιοπούλου διὰ τὴν καταπολέμησιν τοῦ καρκίνου.

ΕΚΛΗΘΗ ΕΙΣ ΤΟ ΠΑΡΙΣΙ

ΑΘΗΝΑΙ, 19. — Ἀύριον συνέρχεται ὑπὸ τὴν προεδρίαν τοῦ ὑφυπουργοῦ κ. Ψαρρέα τὸ Ἀνώτατον Ὑγειονομικὸν Συμβούλιον, διὰ νὰ ἐξετάσῃ τὴν μέθοδον τοῦ ἰατροῦ κ. Σπηλιοπούλου διὰ τὴν καταπολέμησιν τοῦ καρκίνου.

ΔΙΑΨΕΥΔΕΤΑΙ

ΑΘΗΝΑΙ, 19. — Ἀύριον συνέρχεται ὑπὸ τὴν προεδρίαν τοῦ ὑφυπουργοῦ κ. Ψαρρέα τὸ Ἀνώτατον Ὑγειονομικὸν Συμβούλιον, διὰ νὰ ἐξετάσῃ τὴν μέθοδον τοῦ ἰατροῦ κ. Σπηλιοπούλου διὰ τὴν καταπολέμησιν τοῦ καρκίνου.

ΑΝΤΙΔΡΑΣΕΙΣ

ΑΘΗΝΑΙ, 19. — Ἀύριον συνέρχεται ὑπὸ τὴν προεδρίαν τοῦ ὑφυπουργοῦ κ. Ψαρρέα τὸ Ἀνώτατον Ὑγειονομικὸν Συμβούλιον, διὰ νὰ ἐξετάσῃ τὴν μέθοδον τοῦ ἰατροῦ κ. Σπηλιοπούλου διὰ τὴν καταπολέμησιν τοῦ καρκίνου.

ΟΙ ΑΡΑΒΕΣ ΚΑΙ ΟΙ ΑΛΓΕΡΙΝΟΙ

ΑΘΗΝΑΙ, 19. — Ἀύριον συνέρχεται ὑπὸ τὴν προεδρίαν τοῦ ὑφυπουργοῦ κ. Ψαρρέα τὸ Ἀνώτατον Ὑγειονομικὸν Συμβούλιον, διὰ νὰ ἐξετάσῃ τὴν μέθοδον τοῦ ἰατροῦ κ. Σπηλιοπούλου διὰ τὴν καταπολέμησιν τοῦ καρκίνου.

ΟΙ ΑΔΙΑΛΛΑΚΤΟΙ ΑΠΟΧΩΡΟΥΝ

ΑΘΗΝΑΙ, 19. — Ἀύριον συνέρχεται ὑπὸ τὴν προεδρίαν τοῦ ὑφυπουργοῦ κ. Ψαρρέα τὸ Ἀνώτατον Ὑγειονομικὸν Συμβούλιον, διὰ νὰ ἐξετάσῃ τὴν μέθοδον τοῦ ἰατροῦ κ. Σπηλιοπούλου διὰ τὴν καταπολέμησιν τοῦ καρκίνου.

ΝΕΑ ΠΡΟΒΟΚΑΤΣΙΑ

ΑΘΗΝΑΙ, 19. — Ἀύριον συνέρχεται ὑπὸ τὴν προεδρίαν τοῦ ὑφυπουργοῦ κ. Ψαρρέα τὸ Ἀνώτατον Ὑγειονομικὸν Συμβούλιον, διὰ νὰ ἐξετάσῃ τὴν μέθοδον τοῦ ἰατροῦ κ. Σπηλιοπούλου διὰ τὴν καταπολέμησιν τοῦ καρκίνου.

ΠΛΗΜΜΥΡΑΙ ΕΙΣ ΤΟΥΡΚΙΑΝ ΚΑΙ ΒΟΥΛΓΑΡΙΑΝ
ΒΑΡΥΤΑΤΟΣ Ο ΧΕΙΜΩΝ ΕΙΣ ΤΗΝ ΕΥΡΩΠΗΝ
●●● ΣΥΝΕΧΕΙΑ

ΑΘΗΝΑΙ, 19. — Ἀύριον συνέρχεται ὑπὸ τὴν προεδρίαν τοῦ ὑφυπουργοῦ κ. Ψαρρέα τὸ Ἀνώτατον Ὑγειονομικὸν Συμβούλιον, διὰ νὰ ἐξετάσῃ τὴν μέθοδον τοῦ ἰατροῦ κ. Σπηλιοπούλου διὰ τὴν καταπολέμησιν τοῦ καρκίνου.

ΠΛΗΜΜΥΡΑΙ ΕΙΣ ΤΟΥΡΚΙΑΝ

ΑΘΗΝΑΙ, 19. — Ἀύριον συνέρχεται ὑπὸ τὴν προεδρίαν τοῦ ὑφυπουργοῦ κ. Ψαρρέα τὸ Ἀνώτατον Ὑγειονομικὸν Συμβούλιον, διὰ νὰ ἐξετάσῃ τὴν μέθοδον τοῦ ἰατροῦ κ. Σπηλιοπούλου διὰ τὴν καταπολέμησιν τοῦ καρκίνου.

ΑΘΗΝΑΙ, 19. — Ἀύριον συνέρχεται ὑπὸ τὴν προεδρίαν τοῦ ὑφυπουργοῦ κ. Ψαρρέα τὸ Ἀνώτατον Ὑγειονομικὸν Συμβούλιον, διὰ νὰ ἐξετάσῃ τὴν μέθοδον τοῦ ἰατροῦ κ. Σπηλιοπούλου διὰ τὴν καταπολέμησιν τοῦ καρκίνου.

ΕΙΣ ΠΤΟΛΕΜΑΪΔΑ
Η ΡΩΣΙΑ ΕΙΣ ΤΗΝ ΠΑΡΑΣΧΗ ΤΕΧΝΙΚΗΝ ΒΟΗΘΕΙΑΝ ΕΙΣ ΑΦΓΑΝΙΣΤΑΝ

ΑΘΗΝΑΙ, 19. — Ἀύριον συνέρχεται ὑπὸ τὴν προεδρίαν τοῦ ὑφυπουργοῦ κ. Ψαρρέα τὸ Ἀνώτατον Ὑγειονομικὸν Συμβούλιον, διὰ νὰ ἐξετάσῃ τὴν μέθοδον τοῦ ἰατροῦ κ. Σπηλιοπούλου διὰ τὴν καταπολέμησιν τοῦ καρκίνου.

Ο ΝΑΣΣΕΡ ΤΟΝ ΑΠΡΙΛΙΟΝ ΘΑ ΜΕΤΑΒΗ ΕΙΣ ΠΑΚΙΣΤΑΝ

ΑΘΗΝΑΙ, 19. — Ἀύριον συνέρχεται ὑπὸ τὴν προεδρίαν τοῦ ὑφυπουργοῦ κ. Ψαρρέα τὸ Ἀνώτατον Ὑγειονομικὸν Συμβούλιον, διὰ νὰ ἐξετάσῃ τὴν μέθοδον τοῦ ἰατροῦ κ. Σπηλιοπούλου διὰ τὴν καταπολέμησιν τοῦ καρκίνου.

ΚΑΙ ΑΛΛΟ ΘΥΜΑ

ΑΘΗΝΑΙ, 19. — Ἀύριον συνέρχεται ὑπὸ τὴν προεδρίαν τοῦ ὑφυπουργοῦ κ. Ψαρρέα τὸ Ἀνώτατον Ὑγειονομικὸν Συμβούλιον, διὰ νὰ ἐξετάσῃ τὴν μέθοδον τοῦ ἰατροῦ κ. Σπηλιοπούλου διὰ τὴν καταπολέμησιν τοῦ καρκίνου.

ΕΙΣ ΤΑ ΙΩΑΝΝΙΝΑ

ΑΘΗΝΑΙ, 19. — Ἀύριον συνέρχεται ὑπὸ τὴν προεδρίαν τοῦ ὑφυπουργοῦ κ. Ψαρρέα τὸ Ἀνώτατον Ὑγειονομικὸν Συμβούλιον, διὰ νὰ ἐξετάσῃ τὴν μέθοδον τοῦ ἰατροῦ κ. Σπηλιοπούλου διὰ τὴν καταπολέμησιν τοῦ καρκίνου.

ΕΙΣ ΤΟΥΡΚΙΑΝ ΚΑΙ ΣΥΡΙΑΝ

ΑΘΗΝΑΙ, 19. — Ἀύριον συνέρχεται ὑπὸ τὴν προεδρίαν τοῦ ὑφυπουργοῦ κ. Ψαρρέα τὸ Ἀνώτατον Ὑγειονομικὸν Συμβούλιον, διὰ νὰ ἐξετάσῃ τὴν μέθοδον τοῦ ἰατροῦ κ. Σπηλιοπούλου διὰ τὴν καταπολέμησιν τοῦ καρκίνου.

ΔΥΟ ΘΑΝΑΤΟΙ ΕΙΣ ΙΤΑΛΙΑΝ

ΑΘΗΝΑΙ, 19. — Ἀύριον συνέρχεται ὑπὸ τὴν προεδρίαν τοῦ ὑφυπουργοῦ κ. Ψαρρέα τὸ Ἀνώτατον Ὑγειονομικὸν Συμβούλιον, διὰ νὰ ἐξετάσῃ τὴν μέθοδον τοῦ ἰατροῦ κ. Σπηλιοπούλου διὰ τὴν καταπολέμησιν τοῦ καρκίνου.

Ο ΕΠΙΤΕΤΡΑΜΜΕΝΟΣ ΤΗΣ Σ. ΕΝΩΣΕΩΣ ΕΠΕΔΩΣΕΝ ΕΙΣ ΤΗΝ ΚΥΒΕΡΝΗΣΙΝ ΤΟ ΜΗΝΥΜΑ ΤΟΥ ΑΝΩΤΑΤΟΥ ΣΟΒΙΕΤ

ΑΘΗΝΑΙ, 19. — Ἀύριον συνέρχεται ὑπὸ τὴν προεδρίαν τοῦ ὑφυπουργοῦ κ. Ψαρρέα τὸ Ἀνώτατον Ὑγειονομικὸν Συμβούλιον, διὰ νὰ ἐξετάσῃ τὴν μέθοδον τοῦ ἰατροῦ κ. Σπηλιοπούλου διὰ τὴν καταπολέμησιν τοῦ καρκίνου.

ΑΘΗΝΑΙ, 19. — Ἀύριον συνέρχεται ὑπὸ τὴν προεδρίαν τοῦ ὑφυπουργοῦ κ. Ψαρρέα τὸ Ἀνώτατον Ὑγειονομικὸν Συμβούλιον, διὰ νὰ ἐξετάσῃ τὴν μέθοδον τοῦ ἰατροῦ κ. Σπηλιοπούλου διὰ τὴν καταπολέμησιν τοῦ καρκίνου.
